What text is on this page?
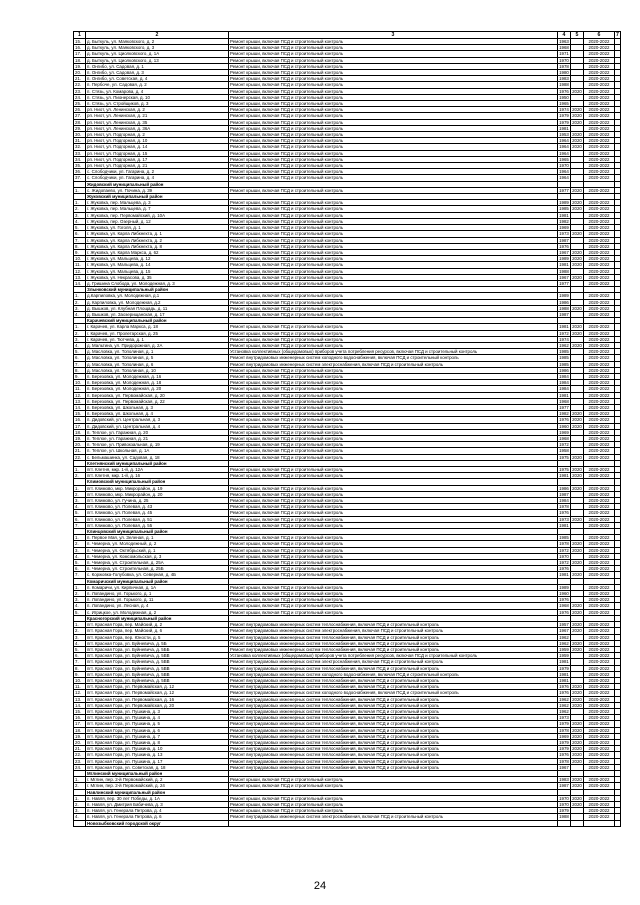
1	2	3	4	5	6	7
15.	д. Быткуль, ул. Маяковского, д. 2	Ремонт крыши, включая ПСД и строительный контроль	1963		2020-2022	
16.	д. Быткуль, ул. Маяковского, д. 3	Ремонт крыши, включая ПСД и строительный контроль	1968		2020-2022	
17.	д. Быткуль, ул. Циолковского, д. 1А	Ремонт крыши, включая ПСД и строительный контроль	1971		2020-2022	
18.	д. Быткуль, ул. Циолковского, д. 13	Ремонт крыши, включая ПСД и строительный контроль	1970		2020-2022	
19.	п. Онгибо, ул. Садовая, д. 1	Ремонт крыши, включая ПСД и строительный контроль	1978		2020-2022	
20.	п. Онгибо, ул. Садовая, д. 3	Ремонт крыши, включая ПСД и строительный контроль	1980		2020-2022	
21.	п. Онгибо, ул. Советская, д. 4	Ремонт крыши, включая ПСД и строительный контроль	1983		2020-2022	
22.	п. Пербоче, ул. Садовая, д. 2	Ремонт крыши, включая ПСД и строительный контроль	1988		2020-2022	
23.	п. Стязь, ул. Комарова, д. 4	Ремонт крыши, включая ПСД и строительный контроль	1976	2020	2020-2022	
24.	п. Стязь, ул. Пионерская, д. 10	Ремонт крыши, включая ПСД и строительный контроль	1950		2020-2022	
25.	п. Стязь, ул. Стройщиков, д. 3	Ремонт крыши, включая ПСД и строительный контроль	1965		2020-2022	
26.	рп. Ниот, ул. Ленинская, д. 2	Ремонт крыши, включая ПСД и строительный контроль	1974	2020	2020-2022	
27.	рп. Ниот, ул. Ленинская, д. 21	Ремонт крыши, включая ПСД и строительный контроль	1979	2020	2020-2022	
28.	рп. Ниот, ул. Ленинская, д. 35	Ремонт крыши, включая ПСД и строительный контроль	1979	2020	2020-2022	
29.	рп. Ниот, ул. Ленинская, д. 36А	Ремонт крыши, включая ПСД и строительный контроль	1981		2020-2022	
30.	рп. Ниот, ул. Подгорная, д. 2	Ремонт крыши, включая ПСД и строительный контроль	1953	2020	2020-2022	
31.	рп. Ниот, ул. Подгорная, д. 10	Ремонт крыши, включая ПСД и строительный контроль	1964	2020	2020-2022	
32.	рп. Ниот, ул. Подгорная, д. 14	Ремонт крыши, включая ПСД и строительный контроль	1964	2020	2020-2022	
33.	рп. Ниот, ул. Подгорная, д. 15	Ремонт крыши, включая ПСД и строительный контроль	1964		2020-2022	
34.	рп. Ниот, ул. Подгорная, д. 17	Ремонт крыши, включая ПСД и строительный контроль	1965		2020-2022	
35.	рп. Ниот, ул. Подгорная, д. 21	Ремонт крыши, включая ПСД и строительный контроль	1970		2020-2022	
36.	с. Слободчики, ул. Гагарина, д. 2	Ремонт крыши, включая ПСД и строительный контроль	1964		2020-2022	
37.	с. Слободчики, ул. Гагарина, д. 4	Ремонт крыши, включая ПСД и строительный контроль	1964		2020-2022	
	Жидовский муниципальный район					
1.	с. Жидопаево, ул. Почина, д. 39	Ремонт крыши, включая ПСД и строительный контроль	1977	2020	2020-2022	
	Жуковский муниципальный район					
1.	г. Жуковка, пер. Мальцева, д. 3	Ремонт крыши, включая ПСД и строительный контроль	1989	2020	2020-2022	
2.	г. Жуковка, пер. Мальцева, д. 7	Ремонт крыши, включая ПСД и строительный контроль	1985	2020	2020-2022	
3.	г. Жуковка, пер. Первомайский, д. 10А	Ремонт крыши, включая ПСД и строительный контроль	1981		2020-2022	
4.	г. Жуковка, пер. Озерный, д. 12	Ремонт крыши, включая ПСД и строительный контроль	1982		2020-2022	
5.	г. Жуковка, ул. Гоголя, д. 1	Ремонт крыши, включая ПСД и строительный контроль	1969		2020-2022	
6.	г. Жуковка, ул. Карла Либкнехта, д. 1	Ремонт крыши, включая ПСД и строительный контроль	1973	2020	2020-2022	
7.	г. Жуковка, ул. Карла Либкнехта, д. 2	Ремонт крыши, включая ПСД и строительный контроль	1987		2020-2022	
8.	г. Жуковка, ул. Карла Либкнехта, д. 8	Ремонт крыши, включая ПСД и строительный контроль	1976		2020-2022	
9.	г. Жуковка, ул. Карла Маркса, д. 62	Ремонт крыши, включая ПСД и строительный контроль	1967	2020	2020-2022	
10.	г. Жуковка, ул. Мальцева, д. 12	Ремонт крыши, включая ПСД и строительный контроль	1989	2020	2020-2022	
11.	г. Жуковка, ул. Мальцева, д. 14	Ремонт крыши, включая ПСД и строительный контроль	1981	2020	2020-2022	
12.	г. Жуковка, ул. Мальцева, д. 15	Ремонт крыши, включая ПСД и строительный контроль	1988		2020-2022	
13.	г. Жуковка, ул. Некрасова, д. 35	Ремонт крыши, включая ПСД и строительный контроль	1967	2020	2020-2022	
14.	д. Гришина Слобода, ул. Молодежная, д. 3	Ремонт крыши, включая ПСД и строительный контроль	1977		2020-2022	
	Злынковский муниципальный район					
1.	д.Карпиловка, ул. Молодежная, д.1	Ремонт крыши, включая ПСД и строительный контроль	1989		2020-2022	
2.	д. Карпиловка, ул. Молодежная, д.2	Ремонт крыши, включая ПСД и строительный контроль	1986		2020-2022	
3.	д. Вышков, ул. Клубная Площадь, д. 11	Ремонт крыши, включая ПСД и строительный контроль	1988	2020	2020-2022	
4.	д. Вышков, ул. Заозерищанская, д. 17	Ремонт крыши, включая ПСД и строительный контроль	1987		2020-2022	
	Карачевский муниципальный район					
1.	г. Карачев, ул. Карла Маркса, д. 18	Ремонт крыши, включая ПСД и строительный контроль	1981	2020	2020-2022	
2.	г. Карачев, ул. Пролетарская, д. 25	Ремонт крыши, включая ПСД и строительный контроль	1972	2020	2020-2022	
3.	г. Карачев, ул. Тютчева, д. 1	Ремонт крыши, включая ПСД и строительный контроль	1974		2020-2022	
4.	д. Мальтина, ул. Придорожная, д. 2А	Ремонт крыши, включая ПСД и строительный контроль	1962	2020	2020-2022	
5.	д. Масловка, ул. Тополиная, д. 1	Установка коллективных (общедомовых) приборов учета потребления ресурсов, включая ПСД и строительный контроль	1985		2020-2022	
6.	д. Масловка, ул. Тополиная, д. 5	Ремонт внутридомовых инженерных систем холодного водоснабжения, включая ПСД и строительный контроль	1985		2020-2022	
7.	д. Масловка, ул. Тополиная, д. 6	Ремонт внутридомовых инженерных систем электроснабжения, включая ПСД и строительный контроль	1985		2020-2022	
8.	д. Масловка, ул. Тополиная, д. 10	Ремонт крыши, включая ПСД и строительный контроль	1986		2020-2022	
9.	п. Березовка, ул. Молодежная, д. 16	Ремонт крыши, включая ПСД и строительный контроль	1984		2020-2022	
10.	п. Березовка, ул. Молодежная, д. 18	Ремонт крыши, включая ПСД и строительный контроль	1984		2020-2022	
11.	п. Березовка, ул. Молодежная, д. 20	Ремонт крыши, включая ПСД и строительный контроль	1984		2020-2022	
12.	п. Березовка, ул. Первомайская, д. 20	Ремонт крыши, включая ПСД и строительный контроль	1981		2020-2022	
13.	п. Березовка, ул. Первомайская, д. 22	Ремонт крыши, включая ПСД и строительный контроль	1968		2020-2022	
14.	п. Березовка, ул. Школьная, д. 3	Ремонт крыши, включая ПСД и строительный контроль	1977		2020-2022	
15.	п. Березовка, ул. Школьная, д. 4	Ремонт крыши, включая ПСД и строительный контроль	1982	2020	2020-2022	
16.	п. Дидовский, ул. Центральная, д. 3	Ремонт крыши, включая ПСД и строительный контроль	1976	2020	2020-2022	
17.	п. Дидовский, ул. Центральная, д. 4	Ремонт крыши, включая ПСД и строительный контроль	1960	2020	2020-2022	
18.	п. Теплое, ул. Гаражная, д. 20	Ремонт крыши, включая ПСД и строительный контроль	1969		2020-2022	
19.	п. Теплое, ул. Гаражная, д. 21	Ремонт крыши, включая ПСД и строительный контроль	1968		2020-2022	
20.	п. Теплое, ул. Привокзальная, д. 19	Ремонт крыши, включая ПСД и строительный контроль	1972		2020-2022	
21.	п. Теплое, ул. Школьная, д. 1А	Ремонт крыши, включая ПСД и строительный контроль	1958		2020-2022	
22.	с. Бельмашинка, ул. Садовая, д. 18	Ремонт крыши, включая ПСД и строительный контроль	1975	2020	2020-2022	
	Клетнянский муниципальный район					
1.	пгт. Клетня, мкр. 1-й, д. 12А	Ремонт крыши, включая ПСД и строительный контроль	1975	2020	2020-2022	
2.	пгт. Клетня, мкр. 1-й, д. 16	Ремонт крыши, включая ПСД и строительный контроль	1981	2020	2020-2022	
	Климовский муниципальный район					
1.	пгт. Климово, мкр. Микрорайон, д. 19	Ремонт крыши, включая ПСД и строительный контроль	1986	2020	2020-2022	
2.	пгт. Климово, мкр. Микрорайон, д. 20	Ремонт крыши, включая ПСД и строительный контроль	1987		2020-2022	
3.	пгт. Климово, ул. Гучина, д. 25	Ремонт крыши, включая ПСД и строительный контроль	1984		2020-2022	
4.	пгт. Климово, ул. Полевая, д. 43	Ремонт крыши, включая ПСД и строительный контроль	1978		2020-2022	
5.	пгт. Климово, ул. Полевая, д. 45	Ремонт крыши, включая ПСД и строительный контроль	1976		2020-2022	
6.	пгт. Климово, ул. Полевая, д. 51	Ремонт крыши, включая ПСД и строительный контроль	1973	2020	2020-2022	
7.	пгт. Климово, ул. Полевая, д. 55	Ремонт крыши, включая ПСД и строительный контроль	1981		2020-2022	
	Клинцовский муниципальный район					
1.	п. Первое Мая, ул. Зеленая, д. 1	Ремонт крыши, включая ПСД и строительный контроль	1985		2020-2022	
2.	п. Чемерна, ул. Молодежный, д. 2	Ремонт крыши, включая ПСД и строительный контроль	1978	2020	2020-2022	
3.	п. Чемерна, ул. Октябрьский, д. 1	Ремонт крыши, включая ПСД и строительный контроль	1972	2020	2020-2022	
4.	п. Чемерна, ул. Комсомольская, д. 3	Ремонт крыши, включая ПСД и строительный контроль	1970		2020-2022	
5.	п. Чемерна, ул. Строительная, д. 25А	Ремонт крыши, включая ПСД и строительный контроль	1972	2020	2020-2022	
6.	п. Чемерна, ул. Строительная, д. 25Б	Ремонт крыши, включая ПСД и строительный контроль	1976		2020-2022	
7.	с. Коржовка-Голубовка, ул. Северная, д. 4Б	Ремонт крыши, включая ПСД и строительный контроль	1981	2020	2020-2022	
	Комаричский муниципальный район					
1.	п. Комаричи, ул. Кирпичная, д. 1А	Ремонт крыши, включая ПСД и строительный контроль	1989		2020-2022	
2.	п. Лопандино, ул. Горького, д. 1	Ремонт крыши, включая ПСД и строительный контроль	1960		2020-2022	
3.	п. Лопандино, ул. Горького, д. 11	Ремонт крыши, включая ПСД и строительный контроль	1976		2020-2022	
4.	п. Лопандино, ул. Лесная, д. 4	Ремонт крыши, включая ПСД и строительный контроль	1968	2020	2020-2022	
5.	с. Игрицкое, ул. Молодежная, д. 2	Ремонт крыши, включая ПСД и строительный контроль	1976	2020	2020-2022	
	Красногорский муниципальный район					
1.	пгт. Красная Гора, пер. Майский, д. 2	Ремонт внутридомовых инженерных систем теплоснабжения, включая ПСД и строительный контроль	1957	2020	2020-2022	
2.	пгт. Красная Гора, пер. Майский, д. 6	Ремонт внутридомовых инженерных систем электроснабжения, включая ПСД и строительный контроль	1967	2020	2020-2022	
3.	пгт. Красная Гора, пер. Юности, д. 5	Ремонт внутридомовых инженерных систем теплоснабжения, включая ПСД и строительный контроль	1962		2020-2022	
4.	пгт. Красная Гора, ул. Буйневича, д. 5Б	Ремонт внутридомовых инженерных систем теплоснабжения, включая ПСД и строительный контроль	1962	2020	2020-2022	
5.	пгт. Красная Гора, ул. Буйневича, д. 5ББ	Ремонт внутридомовых инженерных систем теплоснабжения, включая ПСД и строительный контроль	1959	2020	2020-2022	
6.	пгт. Красная Гора, ул. Буйневича, д. 5ВВ	Установка коллективных (общедомовых) приборов учета потребления ресурсов, включая ПСД и строительный контроль	1959		2020-2022	
7.	пгт. Красная Гора, ул. Буйневича, д. 5ВВ	Ремонт внутридомовых инженерных систем электроснабжения, включая ПСД и строительный контроль	1981		2020-2022	
8.	пгт. Красная Гора, ул. Буйневича, д. 5ВВ	Ремонт внутридомовых инженерных систем теплоснабжения, включая ПСД и строительный контроль	1979		2020-2022	
9.	пгт. Красная Гора, ул. Буйневича, д. 5ВВ	Ремонт внутридомовых инженерных систем холодного водоснабжения, включая ПСД и строительный контроль	1981		2020-2022	
10.	пгт. Красная Гора, ул. Буйневича, д. 5ВВ	Ремонт внутридомовых инженерных систем теплоснабжения, включая ПСД и строительный контроль	1981		2020-2022	
11.	пгт. Красная Гора, ул. Первомайская, д. 12	Ремонт внутридомовых инженерных систем теплоснабжения, включая ПСД и строительный контроль	1976	2020	2020-2022	
12.	пгт. Красная Гора, ул. Первомайская, д. 12	Ремонт внутридомовых инженерных систем холодного водоснабжения, включая ПСД и строительный контроль	1976	2020	2020-2022	
13.	пгт. Красная Гора, ул. Первомайская, д. 16	Ремонт внутридомовых инженерных систем теплоснабжения, включая ПСД и строительный контроль	1962	2020	2020-2022	
14.	пгт. Красная Гора, ул. Первомайская, д. 20	Ремонт внутридомовых инженерных систем теплоснабжения, включая ПСД и строительный контроль	1962	2020	2020-2022	
15.	пгт. Красная Гора, ул. Пушкина, д. 3	Ремонт внутридомовых инженерных систем теплоснабжения, включая ПСД и строительный контроль	1962		2020-2022	
16.	пгт. Красная Гора, ул. Пушкина, д. 4	Ремонт внутридомовых инженерных систем теплоснабжения, включая ПСД и строительный контроль	1973		2020-2022	
17.	пгт. Красная Гора, ул. Пушкина, д. 5	Ремонт внутридомовых инженерных систем теплоснабжения, включая ПСД и строительный контроль	1979	2020	2020-2022	
18.	пгт. Красная Гора, ул. Пушкина, д. 6	Ремонт внутридомовых инженерных систем теплоснабжения, включая ПСД и строительный контроль	1978	2020	2020-2022	
19.	пгт. Красная Гора, ул. Пушкина, д. 7	Ремонт внутридомовых инженерных систем теплоснабжения, включая ПСД и строительный контроль	1969	2020	2020-2022	
20.	пгт. Красная Гора, ул. Пушкина, д. 8	Ремонт внутридомовых инженерных систем теплоснабжения, включая ПСД и строительный контроль	1979	2020	2020-2022	
21.	пгт. Красная Гора, ул. Пушкина, д. 10	Ремонт внутридомовых инженерных систем теплоснабжения, включая ПСД и строительный контроль	1979	2020	2020-2022	
22.	пгт. Красная Гора, ул. Пушкина, д. 13	Ремонт внутридомовых инженерных систем теплоснабжения, включая ПСД и строительный контроль	1976	2020	2020-2022	
23.	пгт. Красная Гора, ул. Пушкина, д. 17	Ремонт внутридомовых инженерных систем теплоснабжения, включая ПСД и строительный контроль	1978	2020	2020-2022	
24.	пгт. Красная Гора, ул. Советская, д. 18	Ремонт внутридомовых инженерных систем теплоснабжения, включая ПСД и строительный контроль	1967		2020-2022	
	Мглинский муниципальный район					
1.	г. Мглин, пер. 2-й Первомайский, д. 2	Ремонт крыши, включая ПСД и строительный контроль	1983	2020	2020-2022	
2.	г. Мглин, пер. 2-й Первомайский, д. 24	Ремонт крыши, включая ПСД и строительный контроль	1987	2020	2020-2022	
	Навлинский муниципальный район					
1.	п. Навля, пер. 30 лет Победы, д. 1А	Ремонт крыши, включая ПСД и строительный контроль	1970	2020	2020-2022	
2.	п. Навля, ул. Дмитрия Бабичева, д. 3	Ремонт крыши, включая ПСД и строительный контроль	1970	2020	2020-2022	
3.	п. Навля, ул. Генерала Петрова, д. 4	Ремонт крыши, включая ПСД и строительный контроль	1979		2020-2022	
4.	п. Навля, ул. Генерала Петрова, д. 6	Ремонт внутридомовых инженерных систем электроснабжения, включая ПСД и строительный контроль	1988		2020-2022	
	Новозыбковский городской округ					
24
